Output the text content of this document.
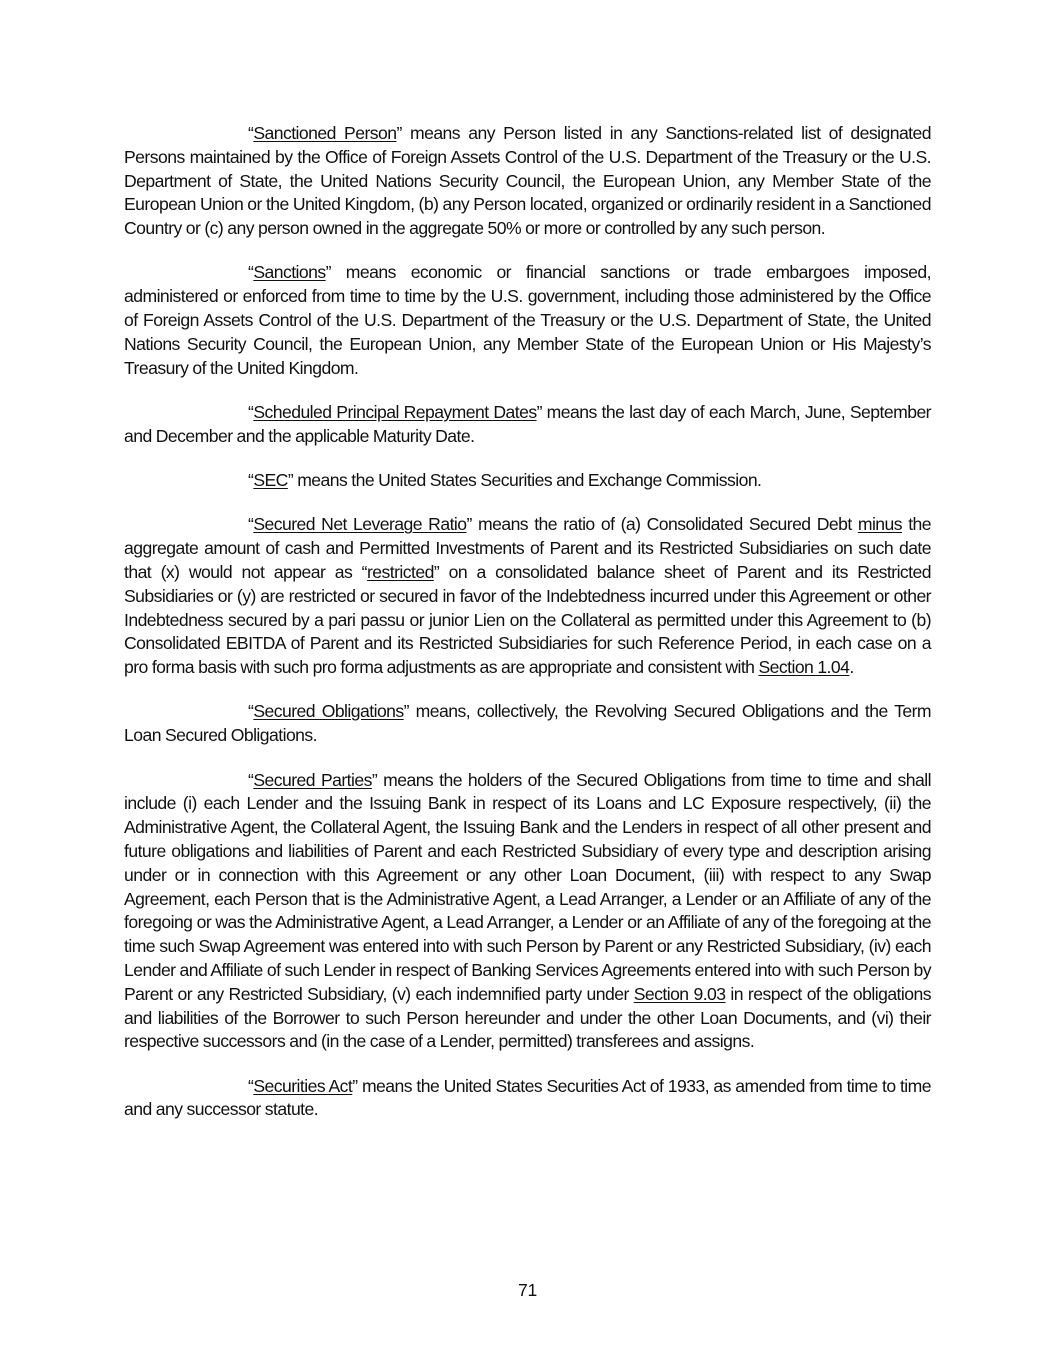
“Sanctioned Person” means any Person listed in any Sanctions-related list of designated Persons maintained by the Office of Foreign Assets Control of the U.S. Department of the Treasury or the U.S. Department of State, the United Nations Security Council, the European Union, any Member State of the European Union or the United Kingdom, (b) any Person located, organized or ordinarily resident in a Sanctioned Country or (c) any person owned in the aggregate 50% or more or controlled by any such person.

“Sanctions” means economic or financial sanctions or trade embargoes imposed, administered or enforced from time to time by the U.S. government, including those administered by the Office of Foreign Assets Control of the U.S. Department of the Treasury or the U.S. Department of State, the United Nations Security Council, the European Union, any Member State of the European Union or His Majesty’s Treasury of the United Kingdom.

“Scheduled Principal Repayment Dates” means the last day of each March, June, September and December and the applicable Maturity Date.

“SEC” means the United States Securities and Exchange Commission.

“Secured Net Leverage Ratio” means the ratio of (a) Consolidated Secured Debt minus the aggregate amount of cash and Permitted Investments of Parent and its Restricted Subsidiaries on such date that (x) would not appear as “restricted” on a consolidated balance sheet of Parent and its Restricted Subsidiaries or (y) are restricted or secured in favor of the Indebtedness incurred under this Agreement or other Indebtedness secured by a pari passu or junior Lien on the Collateral as permitted under this Agreement to (b) Consolidated EBITDA of Parent and its Restricted Subsidiaries for such Reference Period, in each case on a pro forma basis with such pro forma adjustments as are appropriate and consistent with Section 1.04.

“Secured Obligations” means, collectively, the Revolving Secured Obligations and the Term Loan Secured Obligations.

“Secured Parties” means the holders of the Secured Obligations from time to time and shall include (i) each Lender and the Issuing Bank in respect of its Loans and LC Exposure respectively, (ii) the Administrative Agent, the Collateral Agent, the Issuing Bank and the Lenders in respect of all other present and future obligations and liabilities of Parent and each Restricted Subsidiary of every type and description arising under or in connection with this Agreement or any other Loan Document, (iii) with respect to any Swap Agreement, each Person that is the Administrative Agent, a Lead Arranger, a Lender or an Affiliate of any of the foregoing or was the Administrative Agent, a Lead Arranger, a Lender or an Affiliate of any of the foregoing at the time such Swap Agreement was entered into with such Person by Parent or any Restricted Subsidiary, (iv) each Lender and Affiliate of such Lender in respect of Banking Services Agreements entered into with such Person by Parent or any Restricted Subsidiary, (v) each indemnified party under Section 9.03 in respect of the obligations and liabilities of the Borrower to such Person hereunder and under the other Loan Documents, and (vi) their respective successors and (in the case of a Lender, permitted) transferees and assigns.

“Securities Act” means the United States Securities Act of 1933, as amended from time to time and any successor statute.

71
